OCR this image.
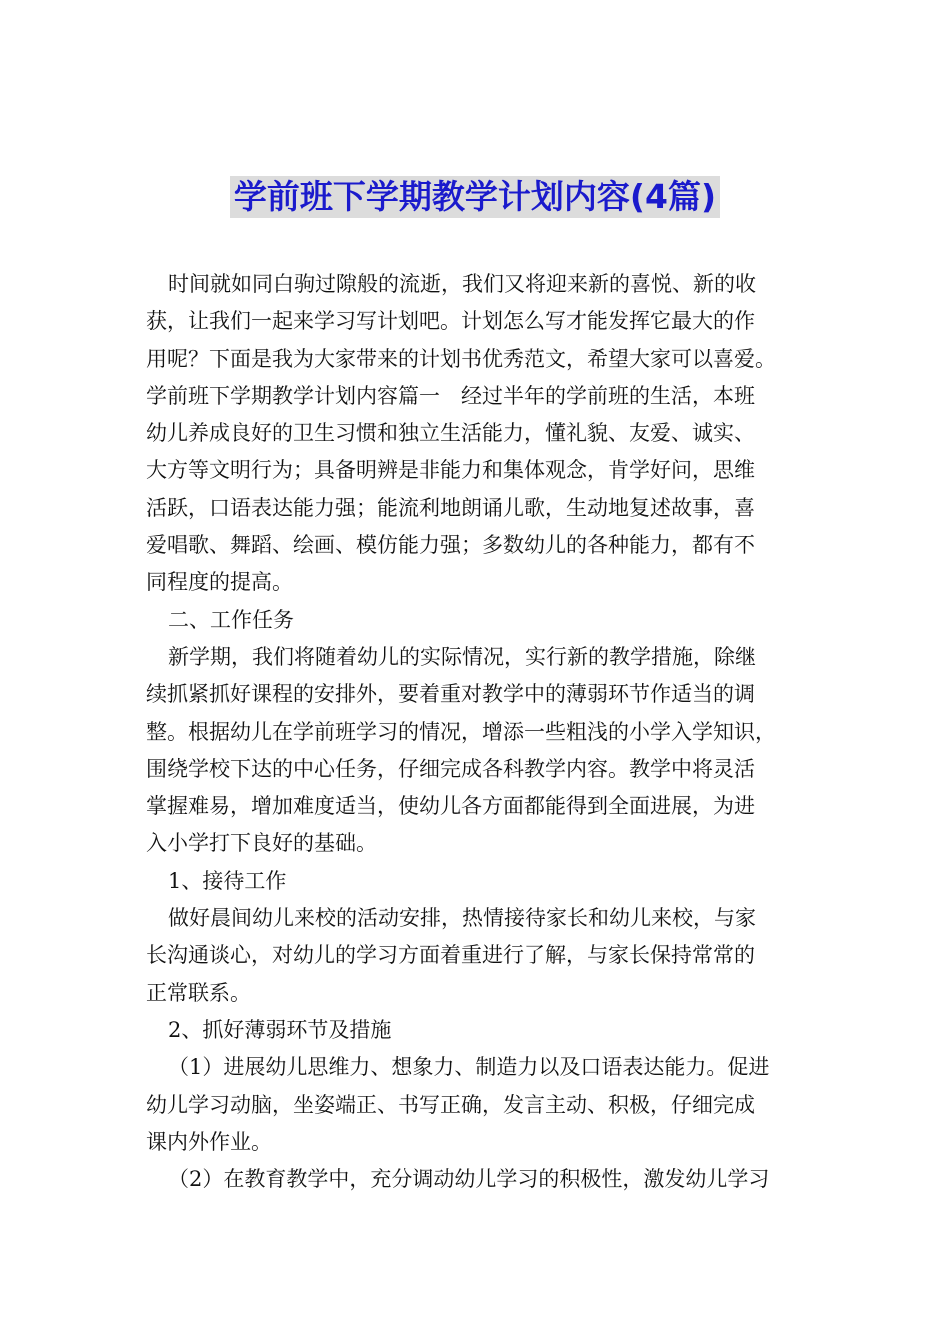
学前班下学期教学计划内容(4篇)
时间就如同白驹过隙般的流逝，我们又将迎来新的喜悦、新的收
获，让我们一起来学习写计划吧。计划怎么写才能发挥它最大的作
用呢？下面是我为大家带来的计划书优秀范文，希望大家可以喜爱。
学前班下学期教学计划内容篇一　经过半年的学前班的生活，本班
幼儿养成良好的卫生习惯和独立生活能力，懂礼貌、友爱、诚实、
大方等文明行为；具备明辨是非能力和集体观念，肯学好问，思维
活跃，口语表达能力强；能流利地朗诵儿歌，生动地复述故事，喜
爱唱歌、舞蹈、绘画、模仿能力强；多数幼儿的各种能力，都有不
同程度的提高。
二、工作任务
新学期，我们将随着幼儿的实际情况，实行新的教学措施，除继
续抓紧抓好课程的安排外，要着重对教学中的薄弱环节作适当的调
整。根据幼儿在学前班学习的情况，增添一些粗浅的小学入学知识，
围绕学校下达的中心任务，仔细完成各科教学内容。教学中将灵活
掌握难易，增加难度适当，使幼儿各方面都能得到全面进展，为进
入小学打下良好的基础。
1、接待工作
做好晨间幼儿来校的活动安排，热情接待家长和幼儿来校，与家
长沟通谈心，对幼儿的学习方面着重进行了解，与家长保持常常的
正常联系。
2、抓好薄弱环节及措施
（1）进展幼儿思维力、想象力、制造力以及口语表达能力。促进
幼儿学习动脑，坐姿端正、书写正确，发言主动、积极，仔细完成
课内外作业。
（2）在教育教学中，充分调动幼儿学习的积极性，激发幼儿学习
